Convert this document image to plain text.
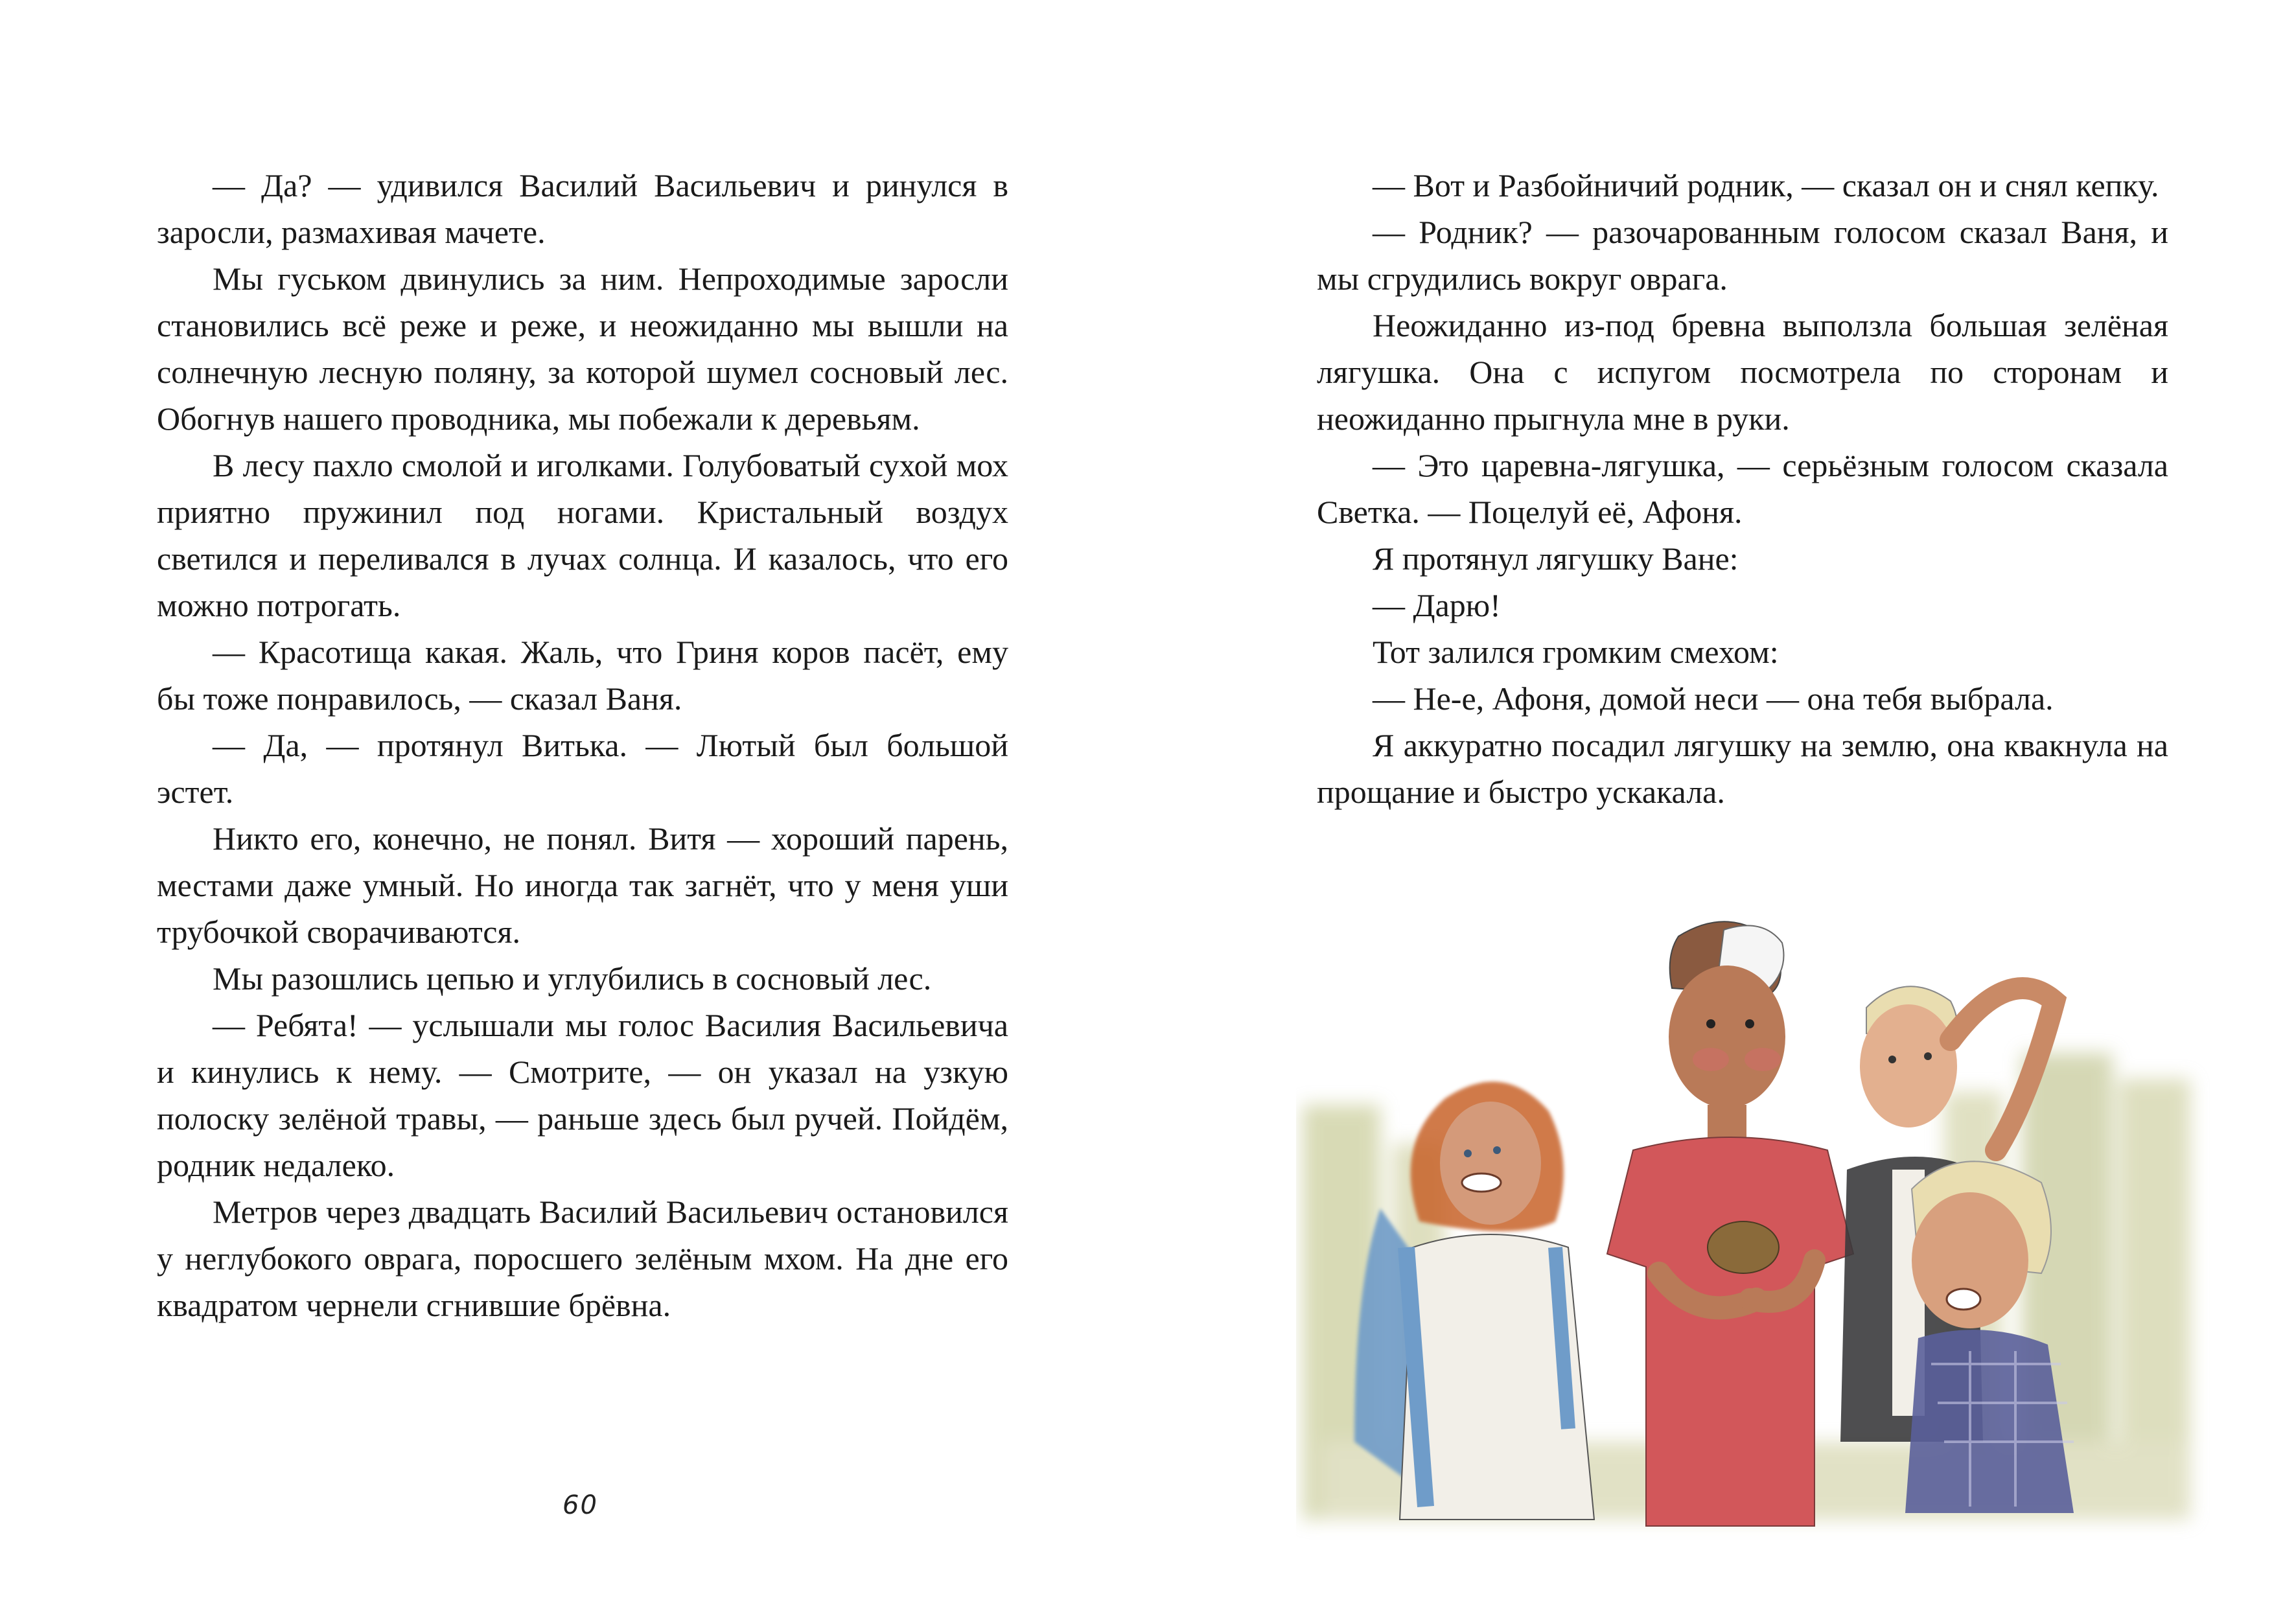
— Да? — удивился Василий Васильевич и ринулся в заросли, размахивая мачете.

Мы гуськом двинулись за ним. Непроходимые заросли становились всё реже и реже, и неожиданно мы вышли на солнечную лесную поляну, за которой шумел сосновый лес. Обогнув нашего проводника, мы побежали к деревьям.

В лесу пахло смолой и иголками. Голубоватый сухой мох приятно пружинил под ногами. Кристальный воздух светился и переливался в лучах солнца. И казалось, что его можно потрогать.

— Красотища какая. Жаль, что Гриня коров пасёт, ему бы тоже понравилось, — сказал Ваня.

— Да, — протянул Витька. — Лютый был большой эстет.

Никто его, конечно, не понял. Витя — хороший парень, местами даже умный. Но иногда так загнёт, что у меня уши трубочкой сворачиваются.

Мы разошлись цепью и углубились в сосновый лес.

— Ребята! — услышали мы голос Василия Васильевича и кинулись к нему. — Смотрите, — он указал на узкую полоску зелёной травы, — раньше здесь был ручей. Пойдём, родник недалеко.

Метров через двадцать Василий Васильевич остановился у неглубокого оврага, поросшего зелёным мхом. На дне его квадратом чернели сгнившие брёвна.

60

— Вот и Разбойничий родник, — сказал он и снял кепку.

— Родник? — разочарованным голосом сказал Ваня, и мы сгрудились вокруг оврага.

Неожиданно из-под бревна выползла большая зелёная лягушка. Она с испугом посмотрела по сторонам и неожиданно прыгнула мне в руки.

— Это царевна-лягушка, — серьёзным голосом сказала Светка. — Поцелуй её, Афоня.

Я протянул лягушку Ване:

— Дарю!

Тот залился громким смехом:

— Не-е, Афоня, домой неси — она тебя выбрала.

Я аккуратно посадил лягушку на землю, она квакнула на прощание и быстро ускакала.
